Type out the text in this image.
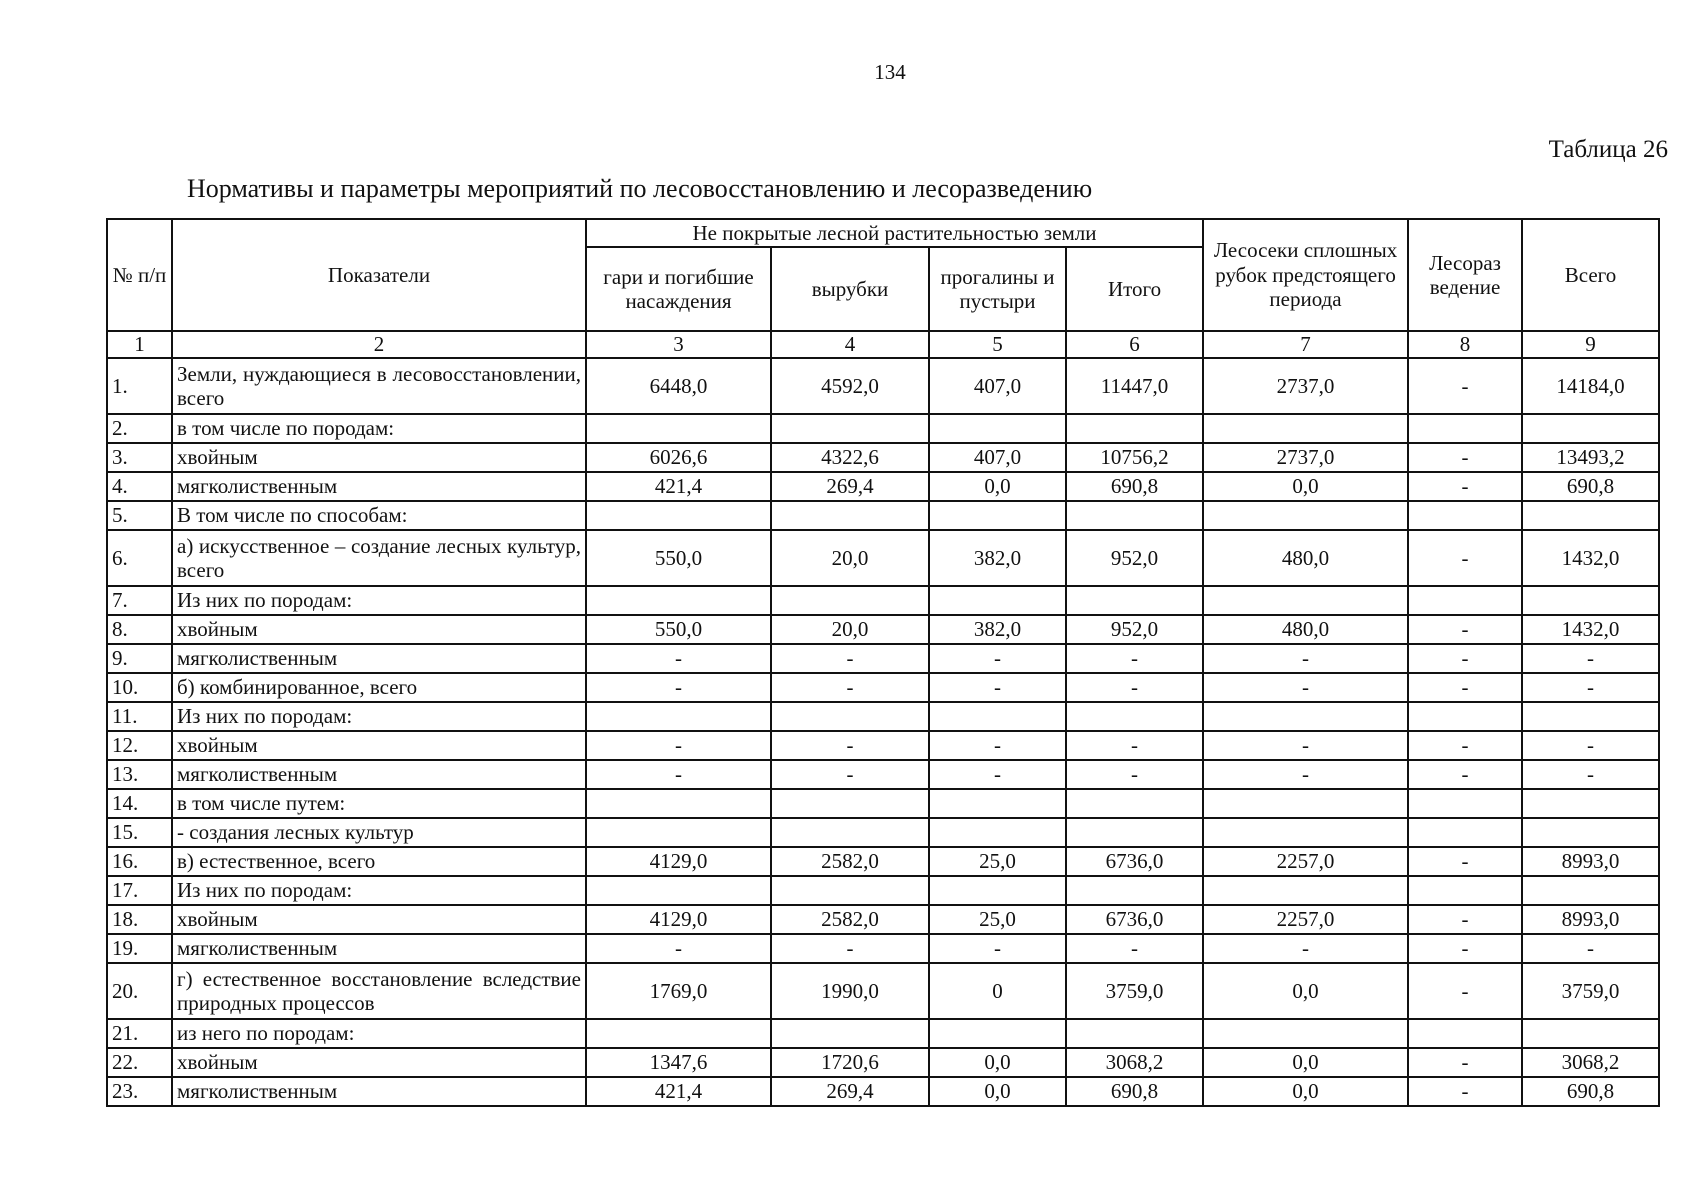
134
Таблица 26
Нормативы и параметры мероприятий по лесовосстановлению и лесоразведению
№ п/п	Показатели	Не покрытые лесной растительностью земли				Лесосеки сплошных рубок предстоящего периода	Лесораз ведение	Всего
		гари и погибшие насаждения	вырубки	прогалины и пустыри	Итого			
1	2	3	4	5	6	7	8	9
1.	Земли, нуждающиеся в лесовосстановлении, всего	6448,0	4592,0	407,0	11447,0	2737,0	-	14184,0
2.	в том числе по породам:							
3.	хвойным	6026,6	4322,6	407,0	10756,2	2737,0	-	13493,2
4.	мягколиственным	421,4	269,4	0,0	690,8	0,0	-	690,8
5.	В том числе по способам:							
6.	а) искусственное – создание лесных культур, всего	550,0	20,0	382,0	952,0	480,0	-	1432,0
7.	Из них по породам:							
8.	хвойным	550,0	20,0	382,0	952,0	480,0	-	1432,0
9.	мягколиственным	-	-	-	-	-	-	-
10.	б) комбинированное, всего	-	-	-	-	-	-	-
11.	Из них по породам:							
12.	хвойным	-	-	-	-	-	-	-
13.	мягколиственным	-	-	-	-	-	-	-
14.	в том числе путем:							
15.	- создания лесных культур							
16.	в) естественное, всего	4129,0	2582,0	25,0	6736,0	2257,0	-	8993,0
17.	Из них по породам:							
18.	хвойным	4129,0	2582,0	25,0	6736,0	2257,0	-	8993,0
19.	мягколиственным	-	-	-	-	-	-	-
20.	г) естественное восстановление вследствие природных процессов	1769,0	1990,0	0	3759,0	0,0	-	3759,0
21.	из него по породам:							
22.	хвойным	1347,6	1720,6	0,0	3068,2	0,0	-	3068,2
23.	мягколиственным	421,4	269,4	0,0	690,8	0,0	-	690,8
